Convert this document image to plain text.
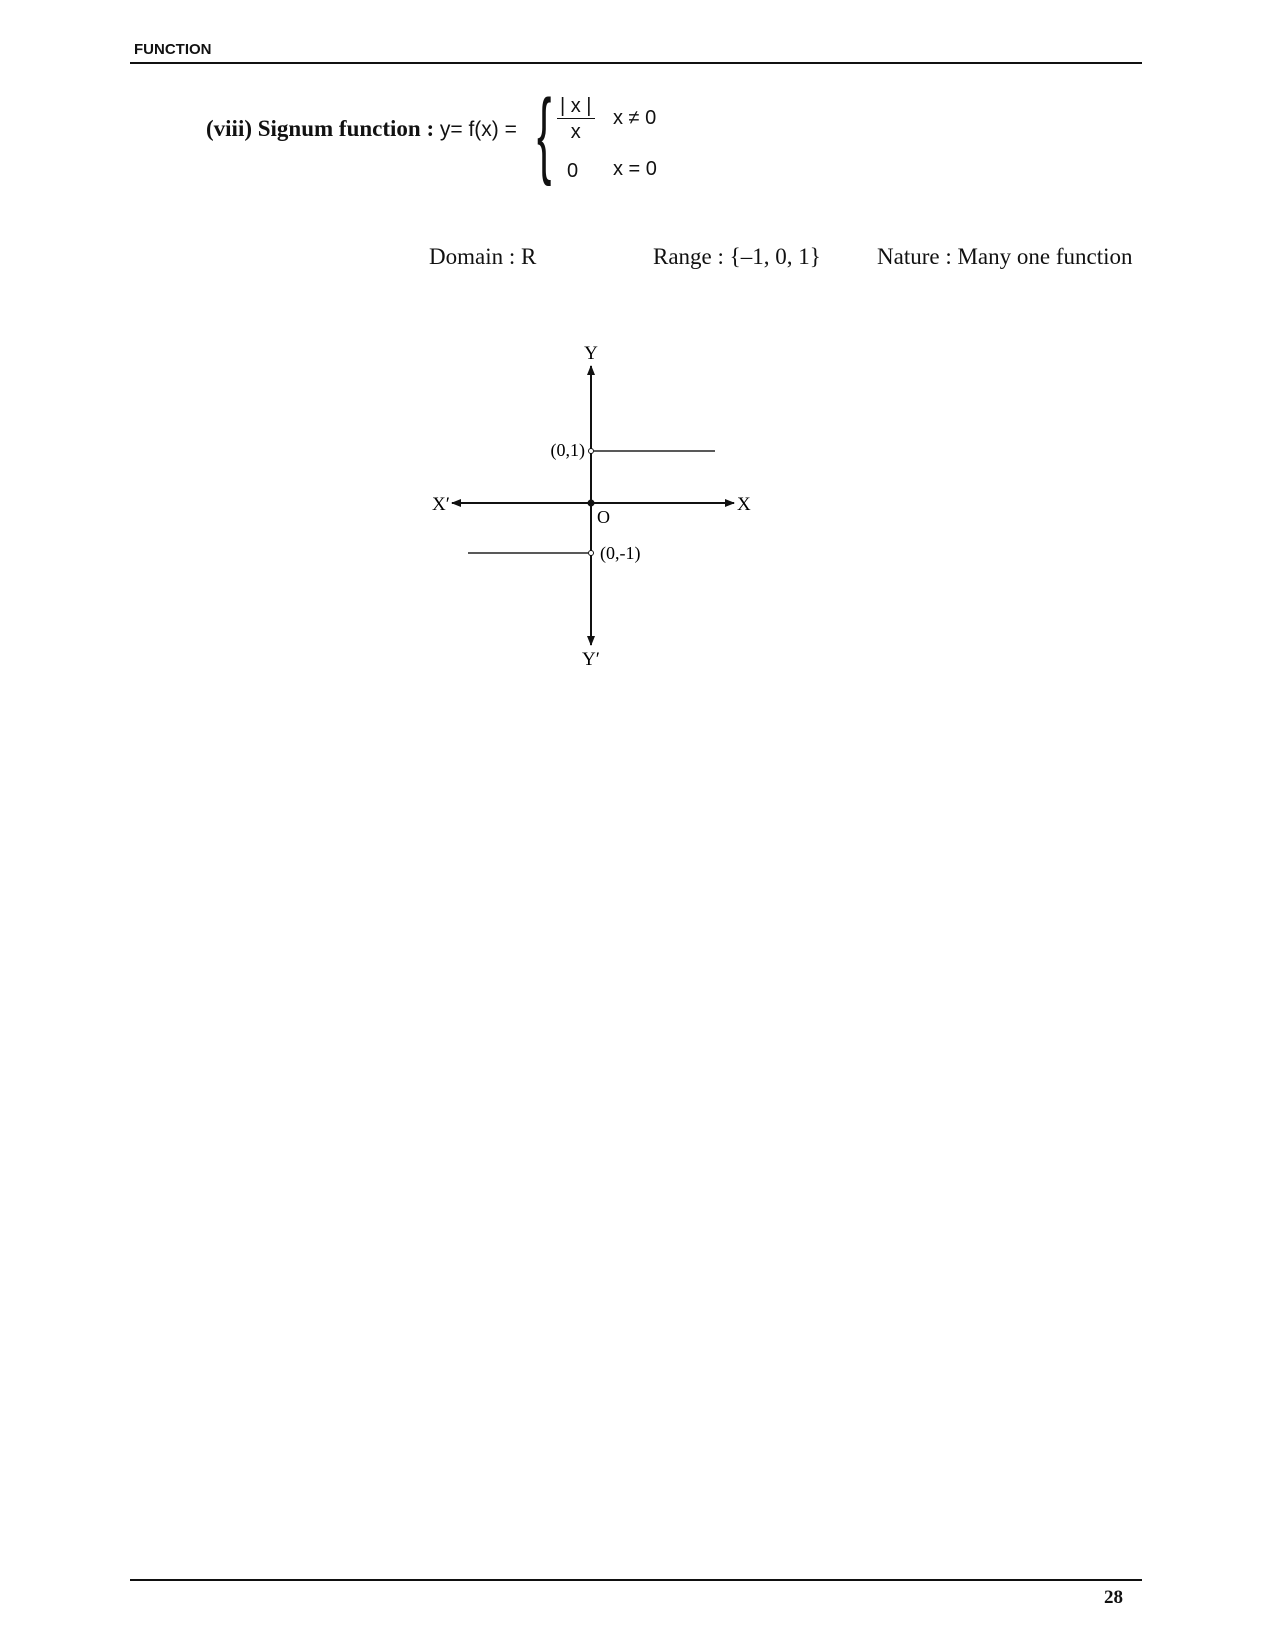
FUNCTION
(viii) Signum function : y= f(x) = { $\frac{| x |}{x}$ x ≠ 0
0 x = 0
Domain : R	Range : {–1, 0, 1} Nature : Many one function
Y
Y′
X
X′
O
(0,1)
(0,-1)
28
